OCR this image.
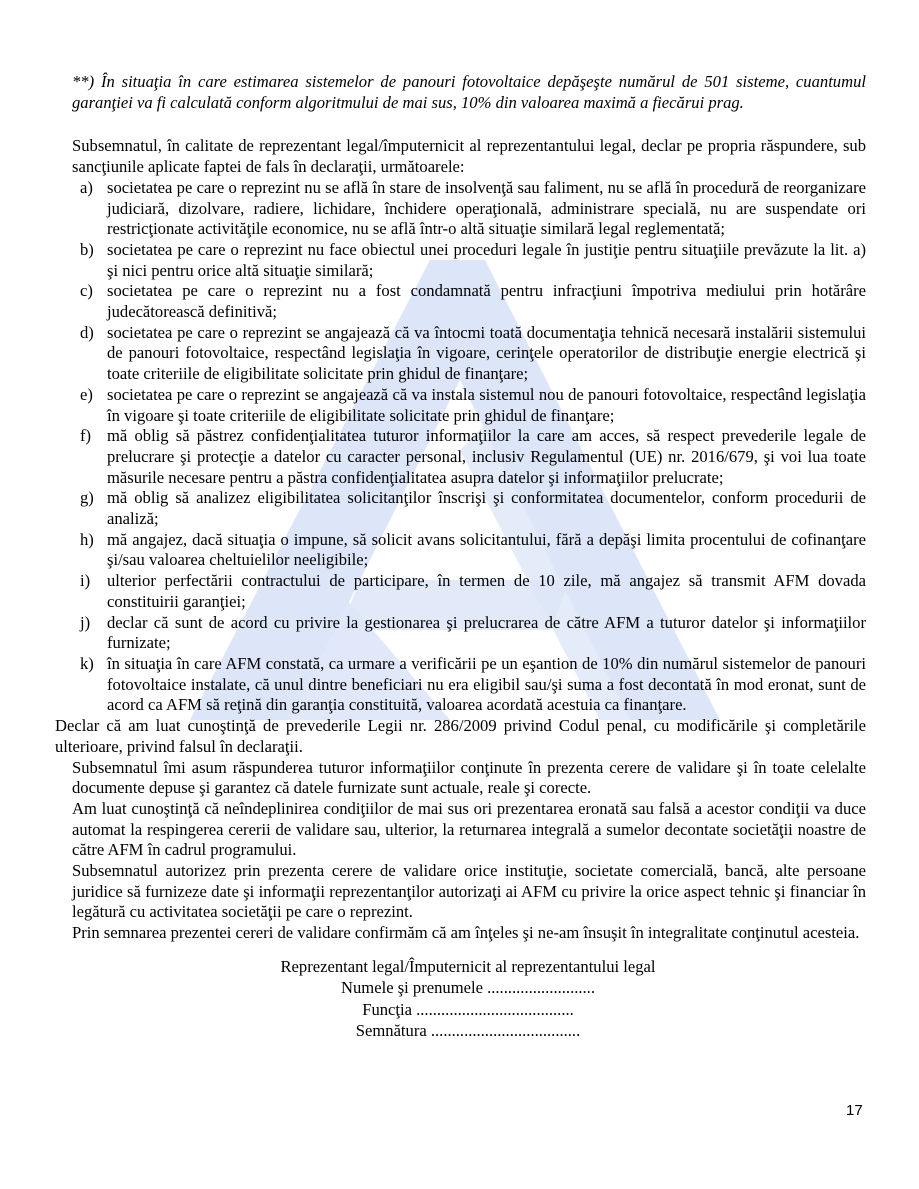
**) În situaţia în care estimarea sistemelor de panouri fotovoltaice depăşeşte numărul de 501 sisteme, cuantumul garanţiei va fi calculată conform algoritmului de mai sus, 10% din valoarea maximă a fiecărui prag.

Subsemnatul, în calitate de reprezentant legal/împuternicit al reprezentantului legal, declar pe propria răspundere, sub sancţiunile aplicate faptei de fals în declaraţii, următoarele:

a) societatea pe care o reprezint nu se află în stare de insolvenţă sau faliment, nu se află în procedură de reorganizare judiciară, dizolvare, radiere, lichidare, închidere operaţională, administrare specială, nu are suspendate ori restricţionate activităţile economice, nu se află într-o altă situaţie similară legal reglementată;
b) societatea pe care o reprezint nu face obiectul unei proceduri legale în justiţie pentru situaţiile prevăzute la lit. a) şi nici pentru orice altă situaţie similară;
c) societatea pe care o reprezint nu a fost condamnată pentru infracţiuni împotriva mediului prin hotărâre judecătorească definitivă;
d) societatea pe care o reprezint se angajează că va întocmi toată documentaţia tehnică necesară instalării sistemului de panouri fotovoltaice, respectând legislaţia în vigoare, cerinţele operatorilor de distribuţie energie electrică şi toate criteriile de eligibilitate solicitate prin ghidul de finanţare;
e) societatea pe care o reprezint se angajează că va instala sistemul nou de panouri fotovoltaice, respectând legislaţia în vigoare şi toate criteriile de eligibilitate solicitate prin ghidul de finanţare;
f) mă oblig să păstrez confidenţialitatea tuturor informaţiilor la care am acces, să respect prevederile legale de prelucrare şi protecţie a datelor cu caracter personal, inclusiv Regulamentul (UE) nr. 2016/679, şi voi lua toate măsurile necesare pentru a păstra confidenţialitatea asupra datelor şi informaţiilor prelucrate;
g) mă oblig să analizez eligibilitatea solicitanţilor înscrişi şi conformitatea documentelor, conform procedurii de analiză;
h) mă angajez, dacă situaţia o impune, să solicit avans solicitantului, fără a depăşi limita procentului de cofinanţare şi/sau valoarea cheltuielilor neeligibile;
i) ulterior perfectării contractului de participare, în termen de 10 zile, mă angajez să transmit AFM dovada constituirii garanţiei;
j) declar că sunt de acord cu privire la gestionarea şi prelucrarea de către AFM a tuturor datelor şi informaţiilor furnizate;
k) în situaţia în care AFM constată, ca urmare a verificării pe un eşantion de 10% din numărul sistemelor de panouri fotovoltaice instalate, că unul dintre beneficiari nu era eligibil sau/şi suma a fost decontată în mod eronat, sunt de acord ca AFM să reţină din garanţia constituită, valoarea acordată acestuia ca finanţare.

Declar că am luat cunoştinţă de prevederile Legii nr. 286/2009 privind Codul penal, cu modificările şi completările ulterioare, privind falsul în declaraţii.

Subsemnatul îmi asum răspunderea tuturor informaţiilor conţinute în prezenta cerere de validare şi în toate celelalte documente depuse şi garantez că datele furnizate sunt actuale, reale şi corecte.

Am luat cunoştinţă că neîndeplinirea condiţiilor de mai sus ori prezentarea eronată sau falsă a acestor condiţii va duce automat la respingerea cererii de validare sau, ulterior, la returnarea integrală a sumelor decontate societăţii noastre de către AFM în cadrul programului.

Subsemnatul autorizez prin prezenta cerere de validare orice instituţie, societate comercială, bancă, alte persoane juridice să furnizeze date şi informaţii reprezentanţilor autorizaţi ai AFM cu privire la orice aspect tehnic şi financiar în legătură cu activitatea societăţii pe care o reprezint.

Prin semnarea prezentei cereri de validare confirmăm că am înţeles şi ne-am însuşit în integralitate conţinutul acesteia.

Reprezentant legal/Împuternicit al reprezentantului legal
Numele şi prenumele ..........................
Funcţia ......................................
Semnătura ....................................
17
